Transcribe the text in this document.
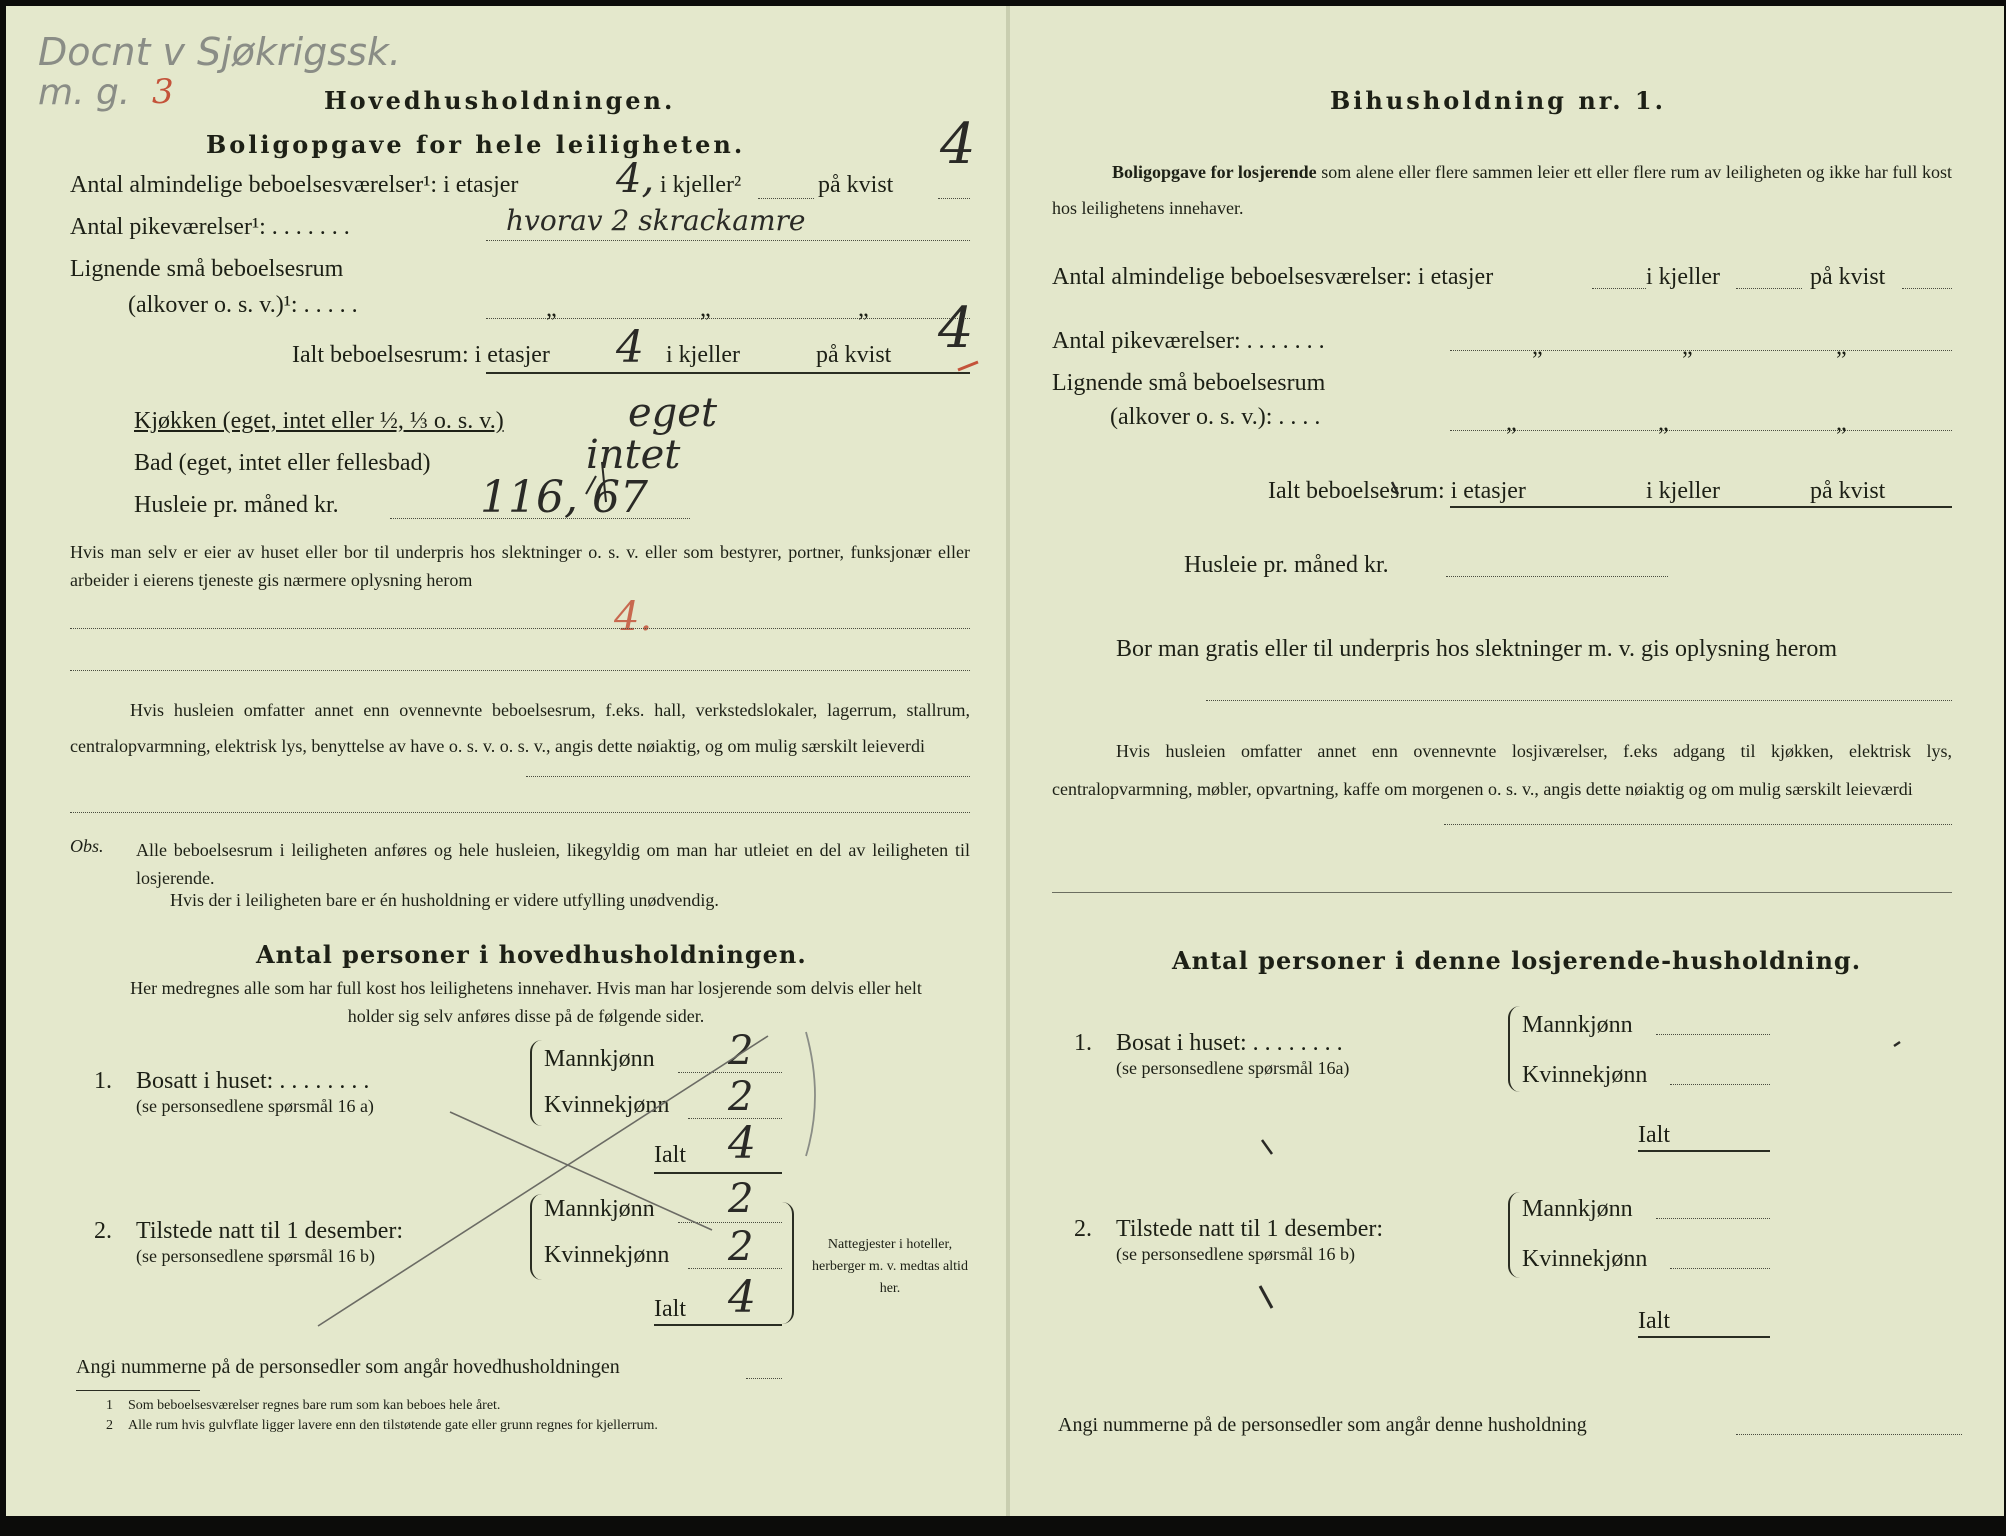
Docnt v Sjøkrigssk.
m. g. 3
4
Hovedhusholdningen.
Boligopgave for hele leiligheten.
Antal almindelige beboelsesværelser¹: i etasjer 4, i kjeller²	på kvist
Antal pikeværelser¹: . . . . . . .	hvorav 2 skrackamre
Lignende små beboelsesrum
(alkover o. s. v.)¹: . . . . .	„	„	„
Ialt beboelsesrum: i etasjer 4 i kjeller	på kvist 4
Kjøkken (eget, intet eller ½, ⅓ o. s. v.)	eget
Bad (eget, intet eller fellesbad)	intet
Husleie pr. måned kr.	116, 67
Hvis man selv er eier av huset eller bor til underpris hos slektninger o. s. v. eller som bestyrer, portner, funksjonær eller arbeider i eierens tjeneste gis nærmere oplysning herom
4.
Hvis husleien omfatter annet enn ovennevnte beboelsesrum, f.eks. hall, verkstedslokaler, lagerrum, stallrum, centralopvarmning, elektrisk lys, benyttelse av have o. s. v. o. s. v., angis dette nøiaktig, og om mulig særskilt leieverdi
Obs. Alle beboelsesrum i leiligheten anføres og hele husleien, likegyldig om man har utleiet en del av leiligheten til losjerende.
Hvis der i leiligheten bare er én husholdning er videre utfylling unødvendig.
Antal personer i hovedhusholdningen.
Her medregnes alle som har full kost hos leilighetens innehaver. Hvis man har losjerende som delvis eller helt holder sig selv anføres disse på de følgende sider.
1. Bosatt i huset: . . . . . . . .
(se personsedlene spørsmål 16 a)
Mannkjønn 2
Kvinnekjønn 2
Ialt 4
2. Tilstede natt til 1 desember:
(se personsedlene spørsmål 16 b)
Mannkjønn 2
Kvinnekjønn 2
Ialt 4
Nattegjester i hoteller, herberger m. v. medtas altid her.
Angi nummerne på de personsedler som angår hovedhusholdningen
1 Som beboelsesværelser regnes bare rum som kan beboes hele året.
2 Alle rum hvis gulvflate ligger lavere enn den tilstøtende gate eller grunn regnes for kjellerrum.
Bihusholdning nr. 1.
Boligopgave for losjerende som alene eller flere sammen leier ett eller flere rum av leiligheten og ikke har full kost hos leilighetens innehaver.
Antal almindelige beboelsesværelser: i etasjer	i kjeller	på kvist
Antal pikeværelser: . . . . . . .	„	„	„
Lignende små beboelsesrum
(alkover o. s. v.): . . . .	„	„	„
Ialt beboelsesrum: i etasjer	i kjeller	på kvist
Husleie pr. måned kr.
Bor man gratis eller til underpris hos slektninger m. v. gis oplysning herom
Hvis husleien omfatter annet enn ovennevnte losjiværelser, f.eks adgang til kjøkken, elektrisk lys, centralopvarmning, møbler, opvartning, kaffe om morgenen o. s. v., angis dette nøiaktig og om mulig særskilt leieværdi
Antal personer i denne losjerende-husholdning.
1. Bosat i huset: . . . . . . . .
(se personsedlene spørsmål 16a)
Mannkjønn
Kvinnekjønn
Ialt
2. Tilstede natt til 1 desember:
(se personsedlene spørsmål 16 b)
Mannkjønn
Kvinnekjønn
Ialt
Angi nummerne på de personsedler som angår denne husholdning
